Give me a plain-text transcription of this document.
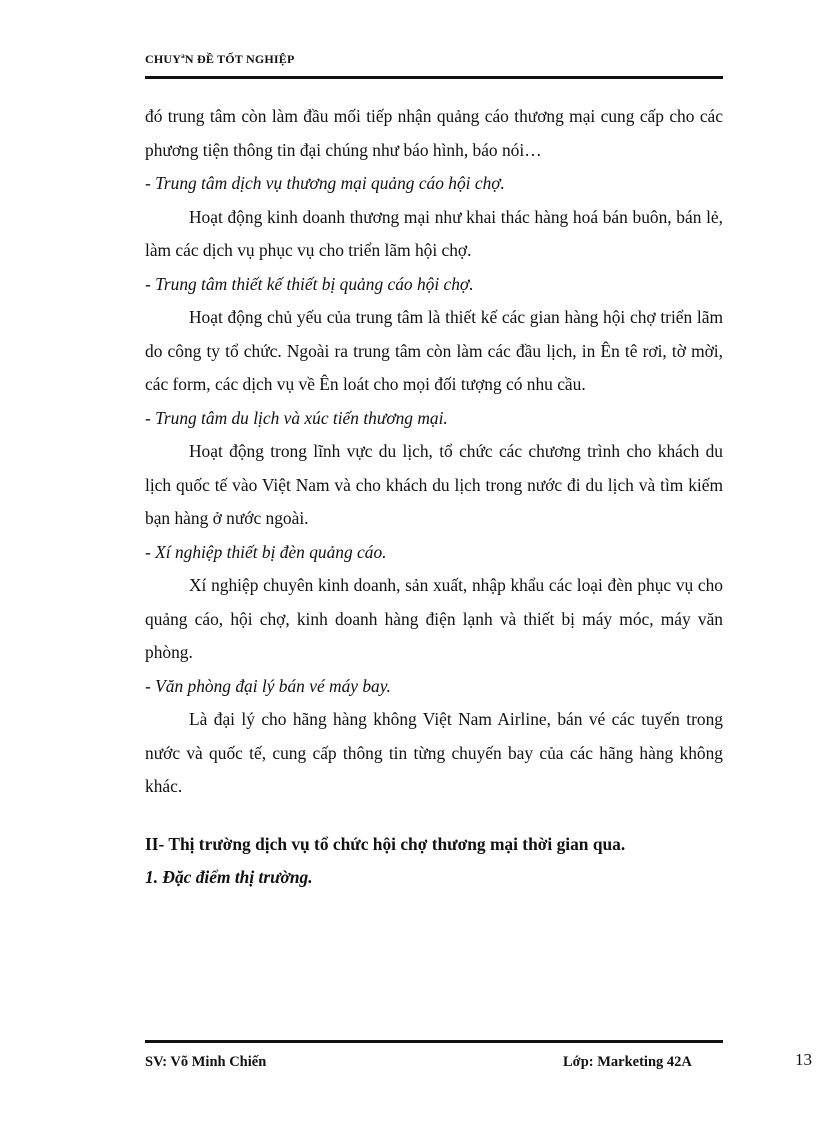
CHUYªN ĐỀ TỐT NGHIỆP

đó trung tâm còn làm đầu mối tiếp nhận quảng cáo thương mại cung cấp cho các phương tiện thông tin đại chúng như báo hình, báo nói…

- Trung tâm dịch vụ thương mại quảng cáo hội chợ.

Hoạt động kinh doanh thương mại như khai thác hàng hoá bán buôn, bán lẻ, làm các dịch vụ phục vụ cho triển lãm hội chợ.

- Trung tâm thiết kế thiết bị quảng cáo hội chợ.

Hoạt động chủ yếu của trung tâm là thiết kế các gian hàng hội chợ triển lãm do công ty tổ chức. Ngoài ra trung tâm còn làm các đầu lịch, in Ên tê rơi, tờ mời, các form, các dịch vụ về Ên loát cho mọi đối tượng có nhu cầu.

- Trung tâm du lịch và xúc tiến thương mại.

Hoạt động trong lĩnh vực du lịch, tổ chức các chương trình cho khách du lịch quốc tế vào Việt Nam và cho khách du lịch trong nước đi du lịch và tìm kiếm bạn hàng ở nước ngoài.

- Xí nghiệp thiết bị đèn quảng cáo.

Xí nghiệp chuyên kinh doanh, sản xuất, nhập khẩu các loại đèn phục vụ cho quảng cáo, hội chợ, kinh doanh hàng điện lạnh và thiết bị máy móc, máy văn phòng.

- Văn phòng đại lý bán vé máy bay.

Là đại lý cho hãng hàng không Việt Nam Airline, bán vé các tuyến trong nước và quốc tế, cung cấp thông tin từng chuyến bay của các hãng hàng không khác.

II- Thị trường dịch vụ tổ chức hội chợ thương mại thời gian qua.

1. Đặc điểm thị trường.

SV: Võ Minh Chiến	Lớp: Marketing 42A	13
